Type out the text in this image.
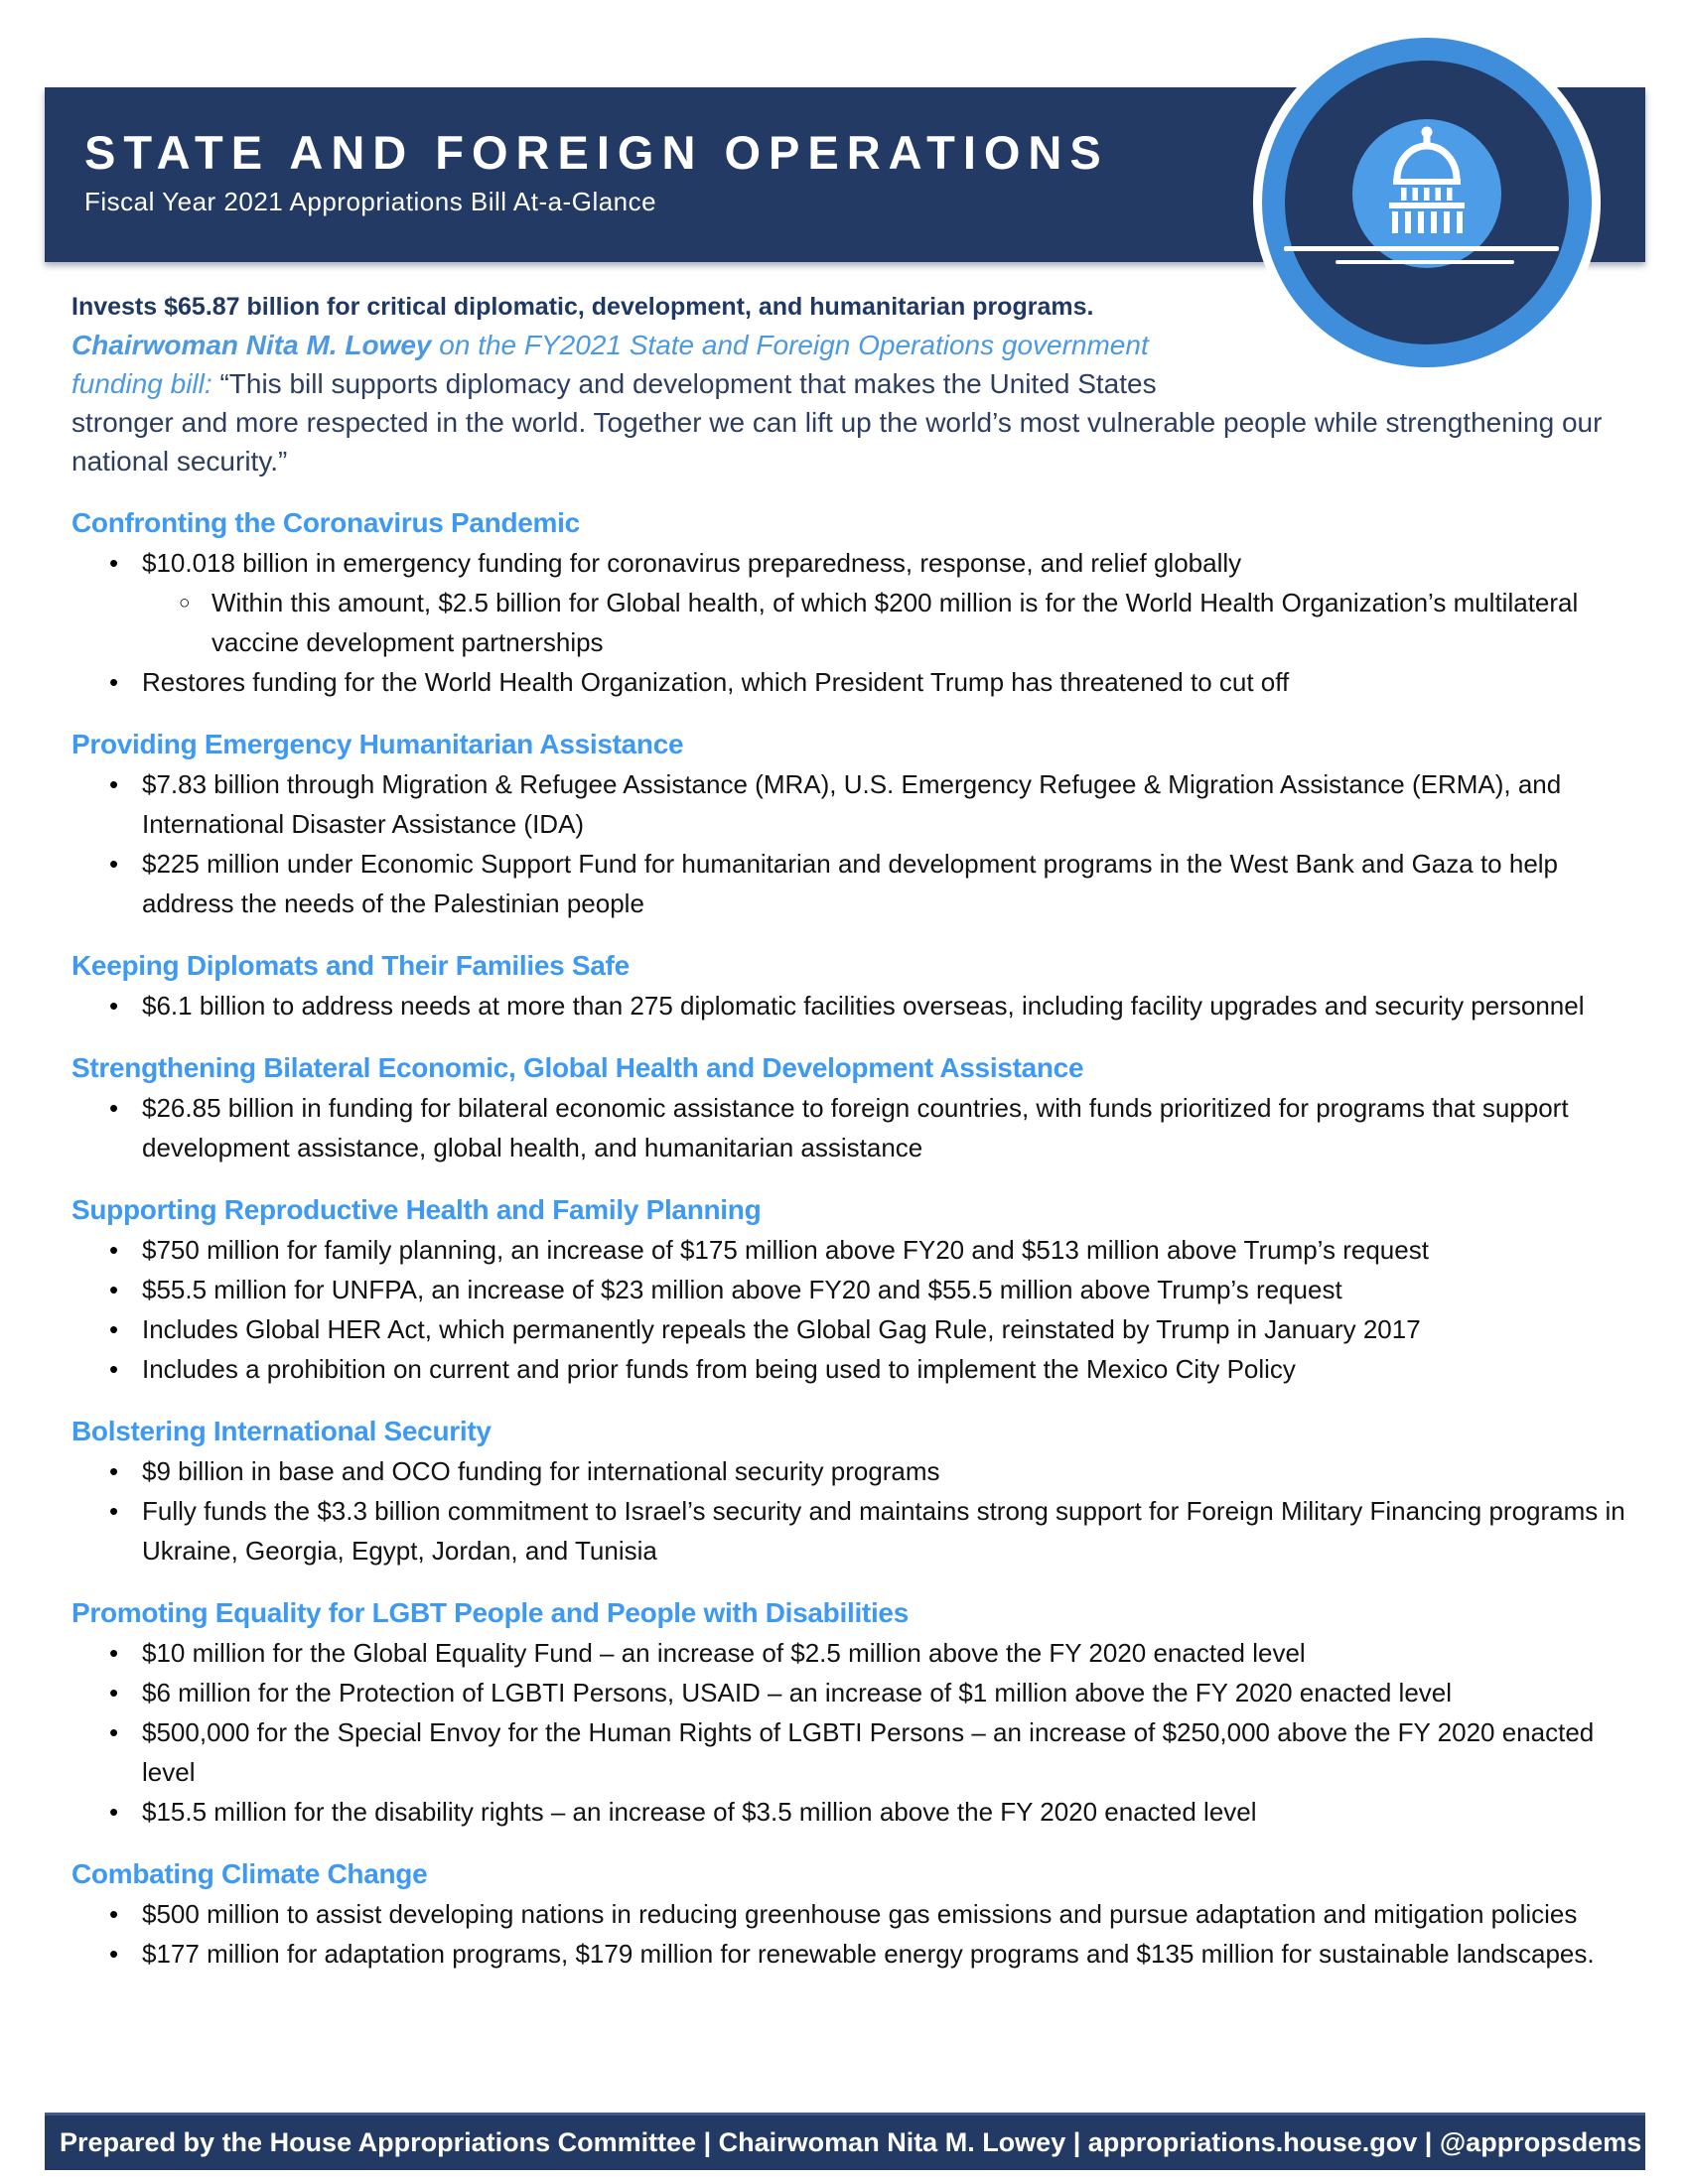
STATE AND FOREIGN OPERATIONS
Fiscal Year 2021 Appropriations Bill At-a-Glance

Invests $65.87 billion for critical diplomatic, development, and humanitarian programs.

Chairwoman Nita M. Lowey on the FY2021 State and Foreign Operations government funding bill: “This bill supports diplomacy and development that makes the United States stronger and more respected in the world. Together we can lift up the world’s most vulnerable people while strengthening our national security.”

Confronting the Coronavirus Pandemic
• $10.018 billion in emergency funding for coronavirus preparedness, response, and relief globally
○ Within this amount, $2.5 billion for Global health, of which $200 million is for the World Health Organization’s multilateral vaccine development partnerships
• Restores funding for the World Health Organization, which President Trump has threatened to cut off
Providing Emergency Humanitarian Assistance
• $7.83 billion through Migration & Refugee Assistance (MRA), U.S. Emergency Refugee & Migration Assistance (ERMA), and International Disaster Assistance (IDA)
• $225 million under Economic Support Fund for humanitarian and development programs in the West Bank and Gaza to help address the needs of the Palestinian people
Keeping Diplomats and Their Families Safe
• $6.1 billion to address needs at more than 275 diplomatic facilities overseas, including facility upgrades and security personnel
Strengthening Bilateral Economic, Global Health and Development Assistance
• $26.85 billion in funding for bilateral economic assistance to foreign countries, with funds prioritized for programs that support development assistance, global health, and humanitarian assistance
Supporting Reproductive Health and Family Planning
• $750 million for family planning, an increase of $175 million above FY20 and $513 million above Trump’s request
• $55.5 million for UNFPA, an increase of $23 million above FY20 and $55.5 million above Trump’s request
• Includes Global HER Act, which permanently repeals the Global Gag Rule, reinstated by Trump in January 2017
• Includes a prohibition on current and prior funds from being used to implement the Mexico City Policy
Bolstering International Security
• $9 billion in base and OCO funding for international security programs
• Fully funds the $3.3 billion commitment to Israel’s security and maintains strong support for Foreign Military Financing programs in Ukraine, Georgia, Egypt, Jordan, and Tunisia
Promoting Equality for LGBT People and People with Disabilities
• $10 million for the Global Equality Fund – an increase of $2.5 million above the FY 2020 enacted level
• $6 million for the Protection of LGBTI Persons, USAID – an increase of $1 million above the FY 2020 enacted level
• $500,000 for the Special Envoy for the Human Rights of LGBTI Persons – an increase of $250,000 above the FY 2020 enacted level
• $15.5 million for the disability rights – an increase of $3.5 million above the FY 2020 enacted level
Combating Climate Change
• $500 million to assist developing nations in reducing greenhouse gas emissions and pursue adaptation and mitigation policies
• $177 million for adaptation programs, $179 million for renewable energy programs and $135 million for sustainable landscapes.
Prepared by the House Appropriations Committee | Chairwoman Nita M. Lowey | appropriations.house.gov | @appropsdems
